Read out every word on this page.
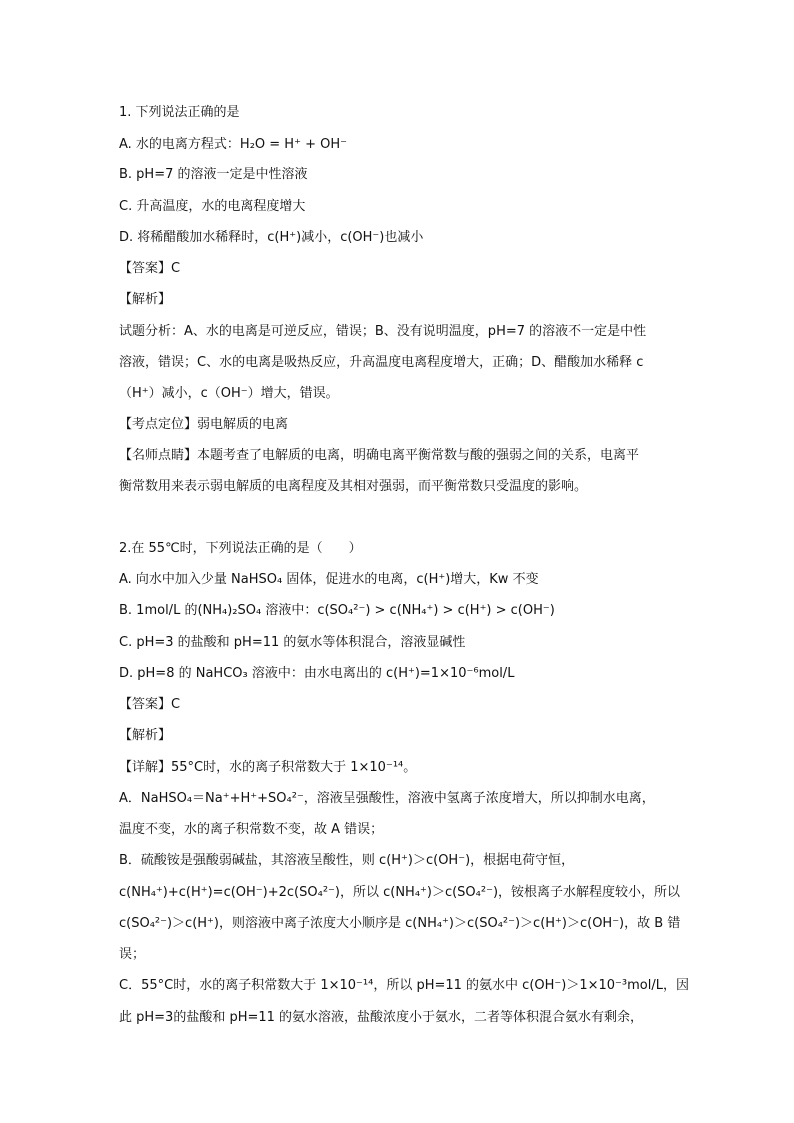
1. 下列说法正确的是
A. 水的电离方程式：H₂O = H⁺ + OH⁻
B. pH=7 的溶液一定是中性溶液
C. 升高温度，水的电离程度增大
D. 将稀醋酸加水稀释时，c(H⁺)减小，c(OH⁻)也减小
【答案】C
【解析】
试题分析：A、水的电离是可逆反应，错误；B、没有说明温度，pH=7 的溶液不一定是中性
溶液，错误；C、水的电离是吸热反应，升高温度电离程度增大，正确；D、醋酸加水稀释 c
（H⁺）减小，c（OH⁻）增大，错误。
【考点定位】弱电解质的电离
【名师点睛】本题考查了电解质的电离，明确电离平衡常数与酸的强弱之间的关系，电离平
衡常数用来表示弱电解质的电离程度及其相对强弱，而平衡常数只受温度的影响。
2.在 55℃时，下列说法正确的是（　　）
A. 向水中加入少量 NaHSO₄ 固体，促进水的电离，c(H⁺)增大，Kw 不变
B. 1mol/L 的(NH₄)₂SO₄ 溶液中：c(SO₄²⁻) > c(NH₄⁺) > c(H⁺) > c(OH⁻)
C. pH=3 的盐酸和 pH=11 的氨水等体积混合，溶液显碱性
D. pH=8 的 NaHCO₃ 溶液中：由水电离出的 c(H⁺)=1×10⁻⁶mol/L
【答案】C
【解析】
【详解】55°C时，水的离子积常数大于 1×10⁻¹⁴。
A．NaHSO₄＝Na⁺+H⁺+SO₄²⁻，溶液呈强酸性，溶液中氢离子浓度增大，所以抑制水电离，
温度不变，水的离子积常数不变，故 A 错误；
B．硫酸铵是强酸弱碱盐，其溶液呈酸性，则 c(H⁺)＞c(OH⁻)，根据电荷守恒，
c(NH₄⁺)+c(H⁺)=c(OH⁻)+2c(SO₄²⁻)，所以 c(NH₄⁺)＞c(SO₄²⁻)，铵根离子水解程度较小，所以
c(SO₄²⁻)＞c(H⁺)，则溶液中离子浓度大小顺序是 c(NH₄⁺)＞c(SO₄²⁻)＞c(H⁺)＞c(OH⁻)，故 B 错
误；
C．55°C时，水的离子积常数大于 1×10⁻¹⁴，所以 pH=11 的氨水中 c(OH⁻)＞1×10⁻³mol/L，因
此 pH=3的盐酸和 pH=11 的氨水溶液，盐酸浓度小于氨水，二者等体积混合氨水有剩余，
